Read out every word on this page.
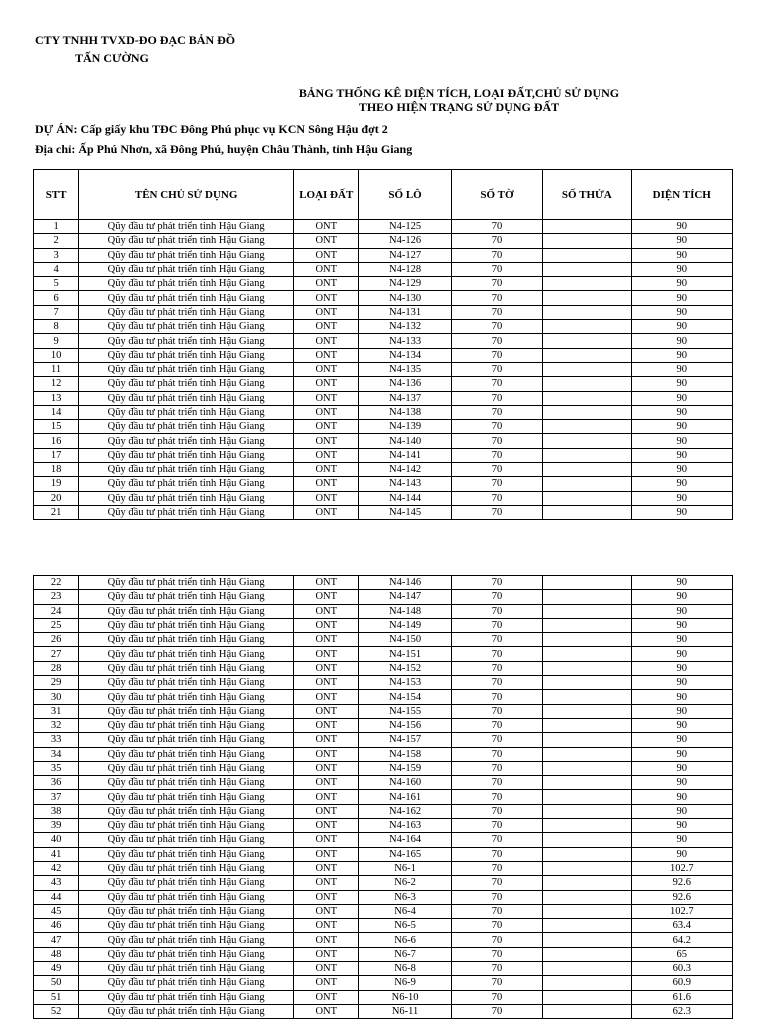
CTY TNHH TVXD-ĐO ĐẠC BẢN ĐỒ
TẤN CƯỜNG
BẢNG THỐNG KÊ DIỆN TÍCH, LOẠI ĐẤT,CHỦ SỬ DỤNG
THEO HIỆN TRẠNG SỬ DỤNG ĐẤT
DỰ ÁN: Cấp giấy khu TĐC Đông Phú phục vụ KCN Sông Hậu đợt 2
Địa chỉ: Ấp Phú Nhơn, xã Đông Phú, huyện Châu Thành, tỉnh Hậu Giang
STT	TÊN CHỦ SỬ DỤNG	LOẠI ĐẤT	SỐ LÔ	SỐ TỜ	SỐ THỬA	DIỆN TÍCH
1	Qũy đầu tư phát triển tỉnh Hậu Giang	ONT	N4-125	70		90
2	Qũy đầu tư phát triển tỉnh Hậu Giang	ONT	N4-126	70		90
3	Qũy đầu tư phát triển tỉnh Hậu Giang	ONT	N4-127	70		90
4	Qũy đầu tư phát triển tỉnh Hậu Giang	ONT	N4-128	70		90
5	Qũy đầu tư phát triển tỉnh Hậu Giang	ONT	N4-129	70		90
6	Qũy đầu tư phát triển tỉnh Hậu Giang	ONT	N4-130	70		90
7	Qũy đầu tư phát triển tỉnh Hậu Giang	ONT	N4-131	70		90
8	Qũy đầu tư phát triển tỉnh Hậu Giang	ONT	N4-132	70		90
9	Qũy đầu tư phát triển tỉnh Hậu Giang	ONT	N4-133	70		90
10	Qũy đầu tư phát triển tỉnh Hậu Giang	ONT	N4-134	70		90
11	Qũy đầu tư phát triển tỉnh Hậu Giang	ONT	N4-135	70		90
12	Qũy đầu tư phát triển tỉnh Hậu Giang	ONT	N4-136	70		90
13	Qũy đầu tư phát triển tỉnh Hậu Giang	ONT	N4-137	70		90
14	Qũy đầu tư phát triển tỉnh Hậu Giang	ONT	N4-138	70		90
15	Qũy đầu tư phát triển tỉnh Hậu Giang	ONT	N4-139	70		90
16	Qũy đầu tư phát triển tỉnh Hậu Giang	ONT	N4-140	70		90
17	Qũy đầu tư phát triển tỉnh Hậu Giang	ONT	N4-141	70		90
18	Qũy đầu tư phát triển tỉnh Hậu Giang	ONT	N4-142	70		90
19	Qũy đầu tư phát triển tỉnh Hậu Giang	ONT	N4-143	70		90
20	Qũy đầu tư phát triển tỉnh Hậu Giang	ONT	N4-144	70		90
21	Qũy đầu tư phát triển tỉnh Hậu Giang	ONT	N4-145	70		90
22	Qũy đầu tư phát triển tỉnh Hậu Giang	ONT	N4-146	70		90
23	Qũy đầu tư phát triển tỉnh Hậu Giang	ONT	N4-147	70		90
24	Qũy đầu tư phát triển tỉnh Hậu Giang	ONT	N4-148	70		90
25	Qũy đầu tư phát triển tỉnh Hậu Giang	ONT	N4-149	70		90
26	Qũy đầu tư phát triển tỉnh Hậu Giang	ONT	N4-150	70		90
27	Qũy đầu tư phát triển tỉnh Hậu Giang	ONT	N4-151	70		90
28	Qũy đầu tư phát triển tỉnh Hậu Giang	ONT	N4-152	70		90
29	Qũy đầu tư phát triển tỉnh Hậu Giang	ONT	N4-153	70		90
30	Qũy đầu tư phát triển tỉnh Hậu Giang	ONT	N4-154	70		90
31	Qũy đầu tư phát triển tỉnh Hậu Giang	ONT	N4-155	70		90
32	Qũy đầu tư phát triển tỉnh Hậu Giang	ONT	N4-156	70		90
33	Qũy đầu tư phát triển tỉnh Hậu Giang	ONT	N4-157	70		90
34	Qũy đầu tư phát triển tỉnh Hậu Giang	ONT	N4-158	70		90
35	Qũy đầu tư phát triển tỉnh Hậu Giang	ONT	N4-159	70		90
36	Qũy đầu tư phát triển tỉnh Hậu Giang	ONT	N4-160	70		90
37	Qũy đầu tư phát triển tỉnh Hậu Giang	ONT	N4-161	70		90
38	Qũy đầu tư phát triển tỉnh Hậu Giang	ONT	N4-162	70		90
39	Qũy đầu tư phát triển tỉnh Hậu Giang	ONT	N4-163	70		90
40	Qũy đầu tư phát triển tỉnh Hậu Giang	ONT	N4-164	70		90
41	Qũy đầu tư phát triển tỉnh Hậu Giang	ONT	N4-165	70		90
42	Qũy đầu tư phát triển tỉnh Hậu Giang	ONT	N6-1	70		102.7
43	Qũy đầu tư phát triển tỉnh Hậu Giang	ONT	N6-2	70		92.6
44	Qũy đầu tư phát triển tỉnh Hậu Giang	ONT	N6-3	70		92.6
45	Qũy đầu tư phát triển tỉnh Hậu Giang	ONT	N6-4	70		102.7
46	Qũy đầu tư phát triển tỉnh Hậu Giang	ONT	N6-5	70		63.4
47	Qũy đầu tư phát triển tỉnh Hậu Giang	ONT	N6-6	70		64.2
48	Qũy đầu tư phát triển tỉnh Hậu Giang	ONT	N6-7	70		65
49	Qũy đầu tư phát triển tỉnh Hậu Giang	ONT	N6-8	70		60.3
50	Qũy đầu tư phát triển tỉnh Hậu Giang	ONT	N6-9	70		60.9
51	Qũy đầu tư phát triển tỉnh Hậu Giang	ONT	N6-10	70		61.6
52	Qũy đầu tư phát triển tỉnh Hậu Giang	ONT	N6-11	70		62.3
